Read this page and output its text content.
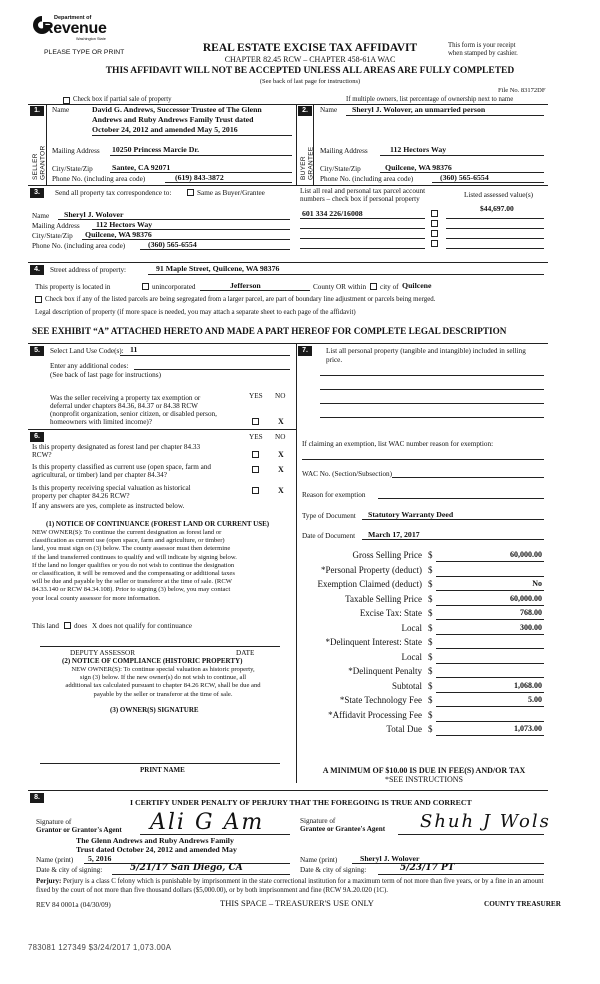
Department of
Revenue
Washington State
PLEASE TYPE OR PRINT	REAL ESTATE EXCISE TAX AFFIDAVIT
CHAPTER 82.45 RCW – CHAPTER 458-61A WAC
This form is your receipt
when stamped by cashier.
THIS AFFIDAVIT WILL NOT BE ACCEPTED UNLESS ALL AREAS ARE FULLY COMPLETED
(See back of last page for instructions)
File No. 83172DF
Check box if partial sale of property	If multiple owners, list percentage of ownership next to name
1.
SELLER GRANTOR
Name	David G. Andrews, Successor Trustee of The Glenn
Andrews and Ruby Andrews Family Trust dated
October 24, 2012 and amended May 5, 2016
Mailing Address 10250 Princess Marcie Dr.
City/State/Zip Santee, CA 92071
Phone No. (including area code)	(619) 843-3872
2.
BUYER GRANTEE
Name Sheryl J. Wolover, an unmarried person
Mailing Address	112 Hectors Way
City/State/Zip	Quilcene, WA 98376
Phone No. (including area code)	(360) 565-6554
3.	Send all property tax correspondence to:	Same as Buyer/Grantee	List all real and personal tax parcel account
numbers – check box if personal property	Listed assessed value(s)
$44,697.00
Name Sheryl J. Wolover
Mailing Address 112 Hectors Way
City/State/Zip Quilcene, WA 98376
Phone No. (including area code)	(360) 565-6554
601 334 226/16008
4.	Street address of property:	91 Maple Street, Quilcene, WA 98376
This property is located in	unincorporated	Jefferson	County OR within city of Quilcene
Check box if any of the listed parcels are being segregated from a larger parcel, are part of boundary line adjustment or parcels being merged.
Legal description of property (if more space is needed, you may attach a separate sheet to each page of the affidavit)
SEE EXHIBIT “A” ATTACHED HERETO AND MADE A PART HEREOF FOR COMPLETE LEGAL DESCRIPTION
5.	Select Land Use Code(s): 11
Enter any additional codes:
(See back of last page for instructions)
YES NO
Was the seller receiving a property tax exemption or
deferral under chapters 84.36, 84.37 or 84.38 RCW
(nonprofit organization, senior citizen, or disabled person,
homeowners with limited income)?	X
7.	List all personal property (tangible and intangible) included in selling
price.
6.	YES NO
Is this property designated as forest land per chapter 84.33
RCW?	X
Is this property classified as current use (open space, farm and
agricultural, or timber) land per chapter 84.34?
X
Is this property receiving special valuation as historical
property per chapter 84.26 RCW?
X
If any answers are yes, complete as instructed below.
(1) NOTICE OF CONTINUANCE (FOREST LAND OR CURRENT USE)
NEW OWNER(S): To continue the current designation as forest land or
classification as current use (open space, farm and agriculture, or timber)
land, you must sign on (3) below. The county assessor must then determine
if the land transferred continues to qualify and will indicate by signing below.
If the land no longer qualifies or you do not wish to continue the designation
or classification, it will be removed and the compensating or additional taxes
will be due and payable by the seller or transferor at the time of sale. (RCW
84.33.140 or RCW 84.34.108). Prior to signing (3) below, you may contact
your local county assessor for more information.
This land does X does not qualify for continuance
DEPUTY ASSESSOR	DATE
(2) NOTICE OF COMPLIANCE (HISTORIC PROPERTY)
NEW OWNER(S): To continue special valuation as historic property,
sign (3) below. If the new owner(s) do not wish to continue, all
additional tax calculated pursuant to chapter 84.26 RCW, shall be due and
payable by the seller or transferor at the time of sale.
(3) OWNER(S) SIGNATURE
PRINT NAME
If claiming an exemption, list WAC number reason for exemption:
WAC No. (Section/Subsection)
Reason for exemption
Type of Document Statutory Warranty Deed
Date of Document March 17, 2017
Gross Selling Price $	60,000.00
*Personal Property (deduct) $
Exemption Claimed (deduct) $	No
Taxable Selling Price $	60,000.00
Excise Tax: State $	768.00
Local $	300.00
*Delinquent Interest: State $
Local $
*Delinquent Penalty $
Subtotal $	1,068.00
*State Technology Fee $	5.00
*Affidavit Processing Fee $
Total Due $	1,073.00
A MINIMUM OF $10.00 IS DUE IN FEE(S) AND/OR TAX
*SEE INSTRUCTIONS
8.
I CERTIFY UNDER PENALTY OF PERJURY THAT THE FOREGOING IS TRUE AND CORRECT
Signature of
Grantor or Grantor's Agent Ali G Am
The Glenn Andrews and Ruby Andrews Family
Trust dated October 24, 2012 and amended May
Name (print) 5, 2016
Date & city of signing:	5/21/17 San Diego, CA
Signature of
Grantee or Grantee's Agent Shuh J Wols
Name (print)	Sheryl J. Wolover
Date & city of signing:	5/23/17 PT
Perjury: Perjury is a class C felony which is punishable by imprisonment in the state correctional institution for a maximum term of not more than five years, or by a fine in an amount fixed by the court of not more than five thousand dollars ($5,000.00), or by both imprisonment and fine (RCW 9A.20.020 (1C).
REV 84 0001a (04/30/09)	THIS SPACE – TREASURER'S USE ONLY	COUNTY TREASURER
783081 127349 $3/24/2017 1,073.00A
